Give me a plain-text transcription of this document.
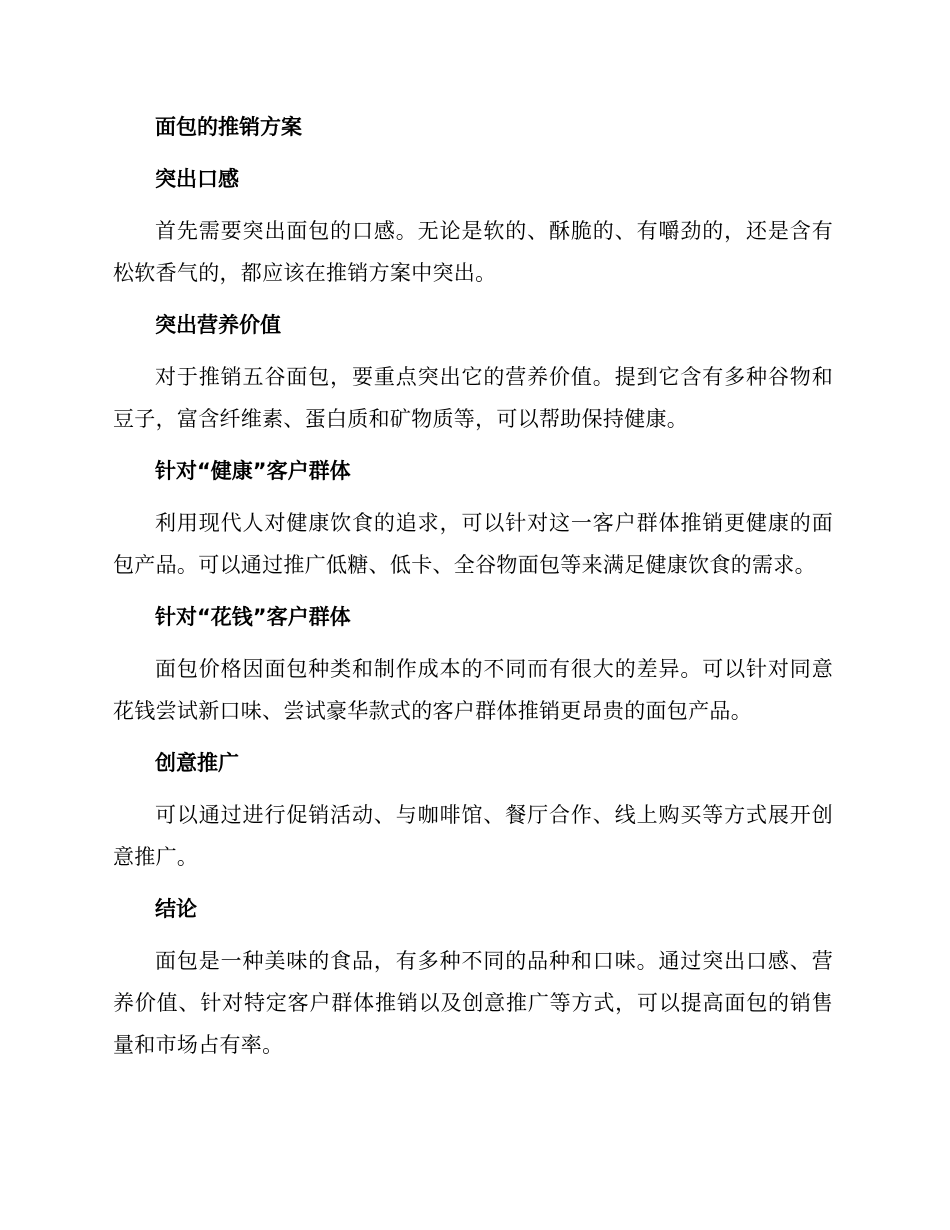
面包的推销方案
突出口感

首先需要突出面包的口感。无论是软的、酥脆的、有嚼劲的，还是含有松软香气的，都应该在推销方案中突出。

突出营养价值

对于推销五谷面包，要重点突出它的营养价值。提到它含有多种谷物和豆子，富含纤维素、蛋白质和矿物质等，可以帮助保持健康。

针对“健康”客户群体

利用现代人对健康饮食的追求，可以针对这一客户群体推销更健康的面包产品。可以通过推广低糖、低卡、全谷物面包等来满足健康饮食的需求。

针对“花钱”客户群体

面包价格因面包种类和制作成本的不同而有很大的差异。可以针对同意花钱尝试新口味、尝试豪华款式的客户群体推销更昂贵的面包产品。

创意推广

可以通过进行促销活动、与咖啡馆、餐厅合作、线上购买等方式展开创意推广。

结论

面包是一种美味的食品，有多种不同的品种和口味。通过突出口感、营养价值、针对特定客户群体推销以及创意推广等方式，可以提高面包的销售量和市场占有率。
